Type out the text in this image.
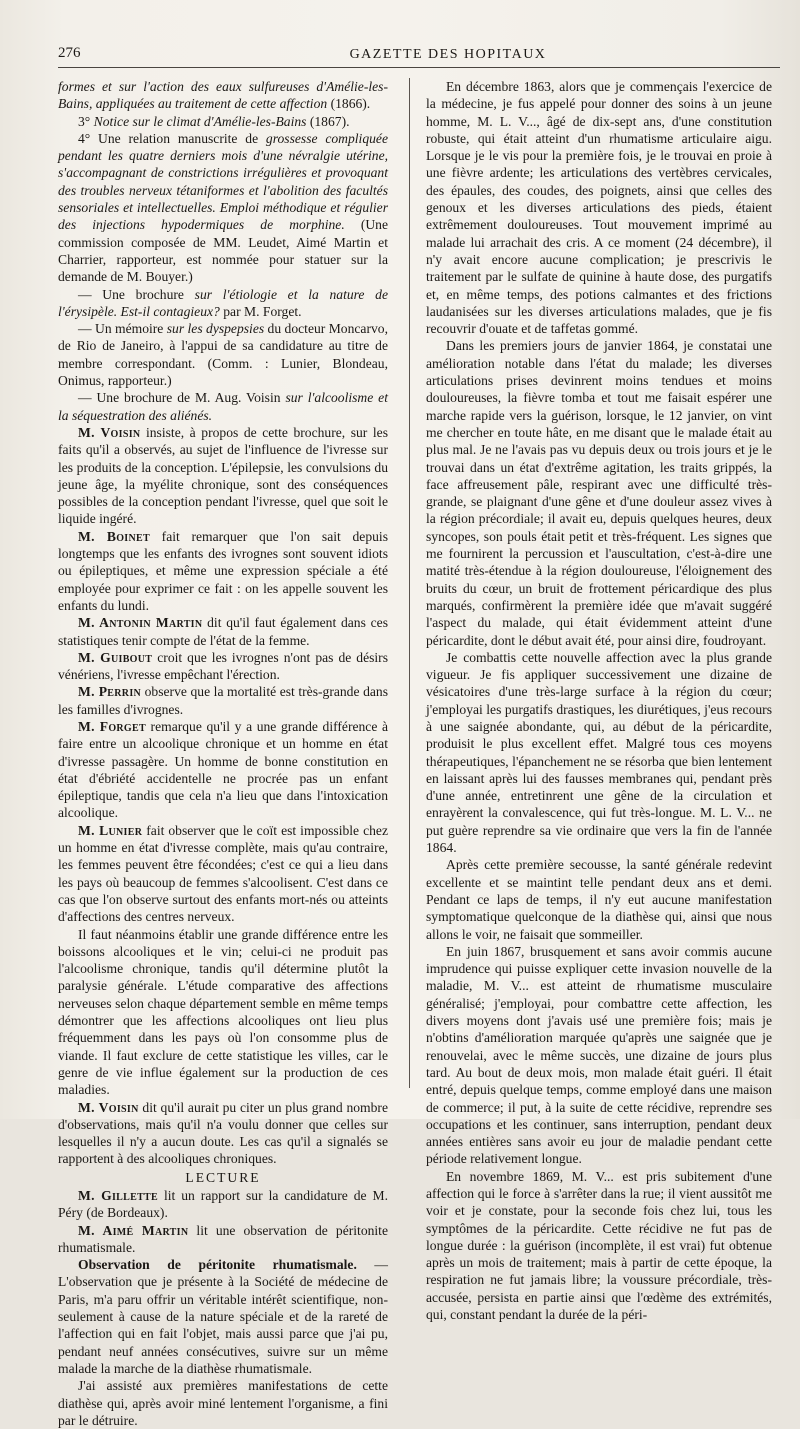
276	GAZETTE DES HOPITAUX

formes et sur l'action des eaux sulfureuses d'Amélie-les-Bains, appliquées au traitement de cette affection (1866).

3° Notice sur le climat d'Amélie-les-Bains (1867).

4° Une relation manuscrite de grossesse compliquée pendant les quatre derniers mois d'une névralgie utérine, s'accompagnant de constrictions irrégulières et provoquant des troubles nerveux tétaniformes et l'abolition des facultés sensoriales et intellectuelles. Emploi méthodique et régulier des injections hypodermiques de morphine. (Une commission composée de MM. Leudet, Aimé Martin et Charrier, rapporteur, est nommée pour statuer sur la demande de M. Bouyer.)

— Une brochure sur l'étiologie et la nature de l'érysipèle. Est-il contagieux? par M. Forget.

— Un mémoire sur les dyspepsies du docteur Moncarvo, de Rio de Janeiro, à l'appui de sa candidature au titre de membre correspondant. (Comm. : Lunier, Blondeau, Onimus, rapporteur.)

— Une brochure de M. Aug. Voisin sur l'alcoolisme et la séquestration des aliénés.

M. Voisin insiste, à propos de cette brochure, sur les faits qu'il a observés, au sujet de l'influence de l'ivresse sur les produits de la conception. L'épilepsie, les convulsions du jeune âge, la myélite chronique, sont des conséquences possibles de la conception pendant l'ivresse, quel que soit le liquide ingéré.

M. Boinet fait remarquer que l'on sait depuis longtemps que les enfants des ivrognes sont souvent idiots ou épileptiques, et même une expression spéciale a été employée pour exprimer ce fait : on les appelle souvent les enfants du lundi.

M. Antonin Martin dit qu'il faut également dans ces statistiques tenir compte de l'état de la femme.

M. Guibout croit que les ivrognes n'ont pas de désirs vénériens, l'ivresse empêchant l'érection.

M. Perrin observe que la mortalité est très-grande dans les familles d'ivrognes.

M. Forget remarque qu'il y a une grande différence à faire entre un alcoolique chronique et un homme en état d'ivresse passagère. Un homme de bonne constitution en état d'ébriété accidentelle ne procrée pas un enfant épileptique, tandis que cela n'a lieu que dans l'intoxication alcoolique.

M. Lunier fait observer que le coït est impossible chez un homme en état d'ivresse complète, mais qu'au contraire, les femmes peuvent être fécondées; c'est ce qui a lieu dans les pays où beaucoup de femmes s'alcoolisent. C'est dans ce cas que l'on observe surtout des enfants mort-nés ou atteints d'affections des centres nerveux.

Il faut néanmoins établir une grande différence entre les boissons alcooliques et le vin; celui-ci ne produit pas l'alcoolisme chronique, tandis qu'il détermine plutôt la paralysie générale. L'étude comparative des affections nerveuses selon chaque département semble en même temps démontrer que les affections alcooliques ont lieu plus fréquemment dans les pays où l'on consomme plus de viande. Il faut exclure de cette statistique les villes, car le genre de vie influe également sur la production de ces maladies.

M. Voisin dit qu'il aurait pu citer un plus grand nombre d'observations, mais qu'il n'a voulu donner que celles sur lesquelles il n'y a aucun doute. Les cas qu'il a signalés se rapportent à des alcooliques chroniques.

LECTURE

M. Gillette lit un rapport sur la candidature de M. Péry (de Bordeaux).

M. Aimé Martin lit une observation de péritonite rhumatismale.

Observation de péritonite rhumatismale. — L'observation que je présente à la Société de médecine de Paris, m'a paru offrir un véritable intérêt scientifique, non-seulement à cause de la nature spéciale et de la rareté de l'affection qui en fait l'objet, mais aussi parce que j'ai pu, pendant neuf années consécutives, suivre sur un même malade la marche de la diathèse rhumatismale.

J'ai assisté aux premières manifestations de cette diathèse qui, après avoir miné lentement l'organisme, a fini par le détruire.

En décembre 1863, alors que je commençais l'exercice de la médecine, je fus appelé pour donner des soins à un jeune homme, M. L. V..., âgé de dix-sept ans, d'une constitution robuste, qui était atteint d'un rhumatisme articulaire aigu. Lorsque je le vis pour la première fois, je le trouvai en proie à une fièvre ardente; les articulations des vertèbres cervicales, des épaules, des coudes, des poignets, ainsi que celles des genoux et les diverses articulations des pieds, étaient extrêmement douloureuses. Tout mouvement imprimé au malade lui arrachait des cris. A ce moment (24 décembre), il n'y avait encore aucune complication; je prescrivis le traitement par le sulfate de quinine à haute dose, des purgatifs et, en même temps, des potions calmantes et des frictions laudanisées sur les diverses articulations malades, que je fis recouvrir d'ouate et de taffetas gommé.

Dans les premiers jours de janvier 1864, je constatai une amélioration notable dans l'état du malade; les diverses articulations prises devinrent moins tendues et moins douloureuses, la fièvre tomba et tout me faisait espérer une marche rapide vers la guérison, lorsque, le 12 janvier, on vint me chercher en toute hâte, en me disant que le malade était au plus mal. Je ne l'avais pas vu depuis deux ou trois jours et je le trouvai dans un état d'extrême agitation, les traits grippés, la face affreusement pâle, respirant avec une difficulté très-grande, se plaignant d'une gêne et d'une douleur assez vives à la région précordiale; il avait eu, depuis quelques heures, deux syncopes, son pouls était petit et très-fréquent. Les signes que me fournirent la percussion et l'auscultation, c'est-à-dire une matité très-étendue à la région douloureuse, l'éloignement des bruits du cœur, un bruit de frottement péricardique des plus marqués, confirmèrent la première idée que m'avait suggéré l'aspect du malade, qui était évidemment atteint d'une péricardite, dont le début avait été, pour ainsi dire, foudroyant.

Je combattis cette nouvelle affection avec la plus grande vigueur. Je fis appliquer successivement une dizaine de vésicatoires d'une très-large surface à la région du cœur; j'employai les purgatifs drastiques, les diurétiques, j'eus recours à une saignée abondante, qui, au début de la péricardite, produisit le plus excellent effet. Malgré tous ces moyens thérapeutiques, l'épanchement ne se résorba que bien lentement en laissant après lui des fausses membranes qui, pendant près d'une année, entretinrent une gêne de la circulation et enrayèrent la convalescence, qui fut très-longue. M. L. V... ne put guère reprendre sa vie ordinaire que vers la fin de l'année 1864.

Après cette première secousse, la santé générale redevint excellente et se maintint telle pendant deux ans et demi. Pendant ce laps de temps, il n'y eut aucune manifestation symptomatique quelconque de la diathèse qui, ainsi que nous allons le voir, ne faisait que sommeiller.

En juin 1867, brusquement et sans avoir commis aucune imprudence qui puisse expliquer cette invasion nouvelle de la maladie, M. V... est atteint de rhumatisme musculaire généralisé; j'employai, pour combattre cette affection, les divers moyens dont j'avais usé une première fois; mais je n'obtins d'amélioration marquée qu'après une saignée que je renouvelai, avec le même succès, une dizaine de jours plus tard. Au bout de deux mois, mon malade était guéri. Il était entré, depuis quelque temps, comme employé dans une maison de commerce; il put, à la suite de cette récidive, reprendre ses occupations et les continuer, sans interruption, pendant deux années entières sans avoir eu jour de maladie pendant cette période relativement longue.

En novembre 1869, M. V... est pris subitement d'une affection qui le force à s'arrêter dans la rue; il vient aussitôt me voir et je constate, pour la seconde fois chez lui, tous les symptômes de la péricardite. Cette récidive ne fut pas de longue durée : la guérison (incomplète, il est vrai) fut obtenue après un mois de traitement; mais à partir de cette époque, la respiration ne fut jamais libre; la voussure précordiale, très-accusée, persista en partie ainsi que l'œdème des extrémités, qui, constant pendant la durée de la péri-
